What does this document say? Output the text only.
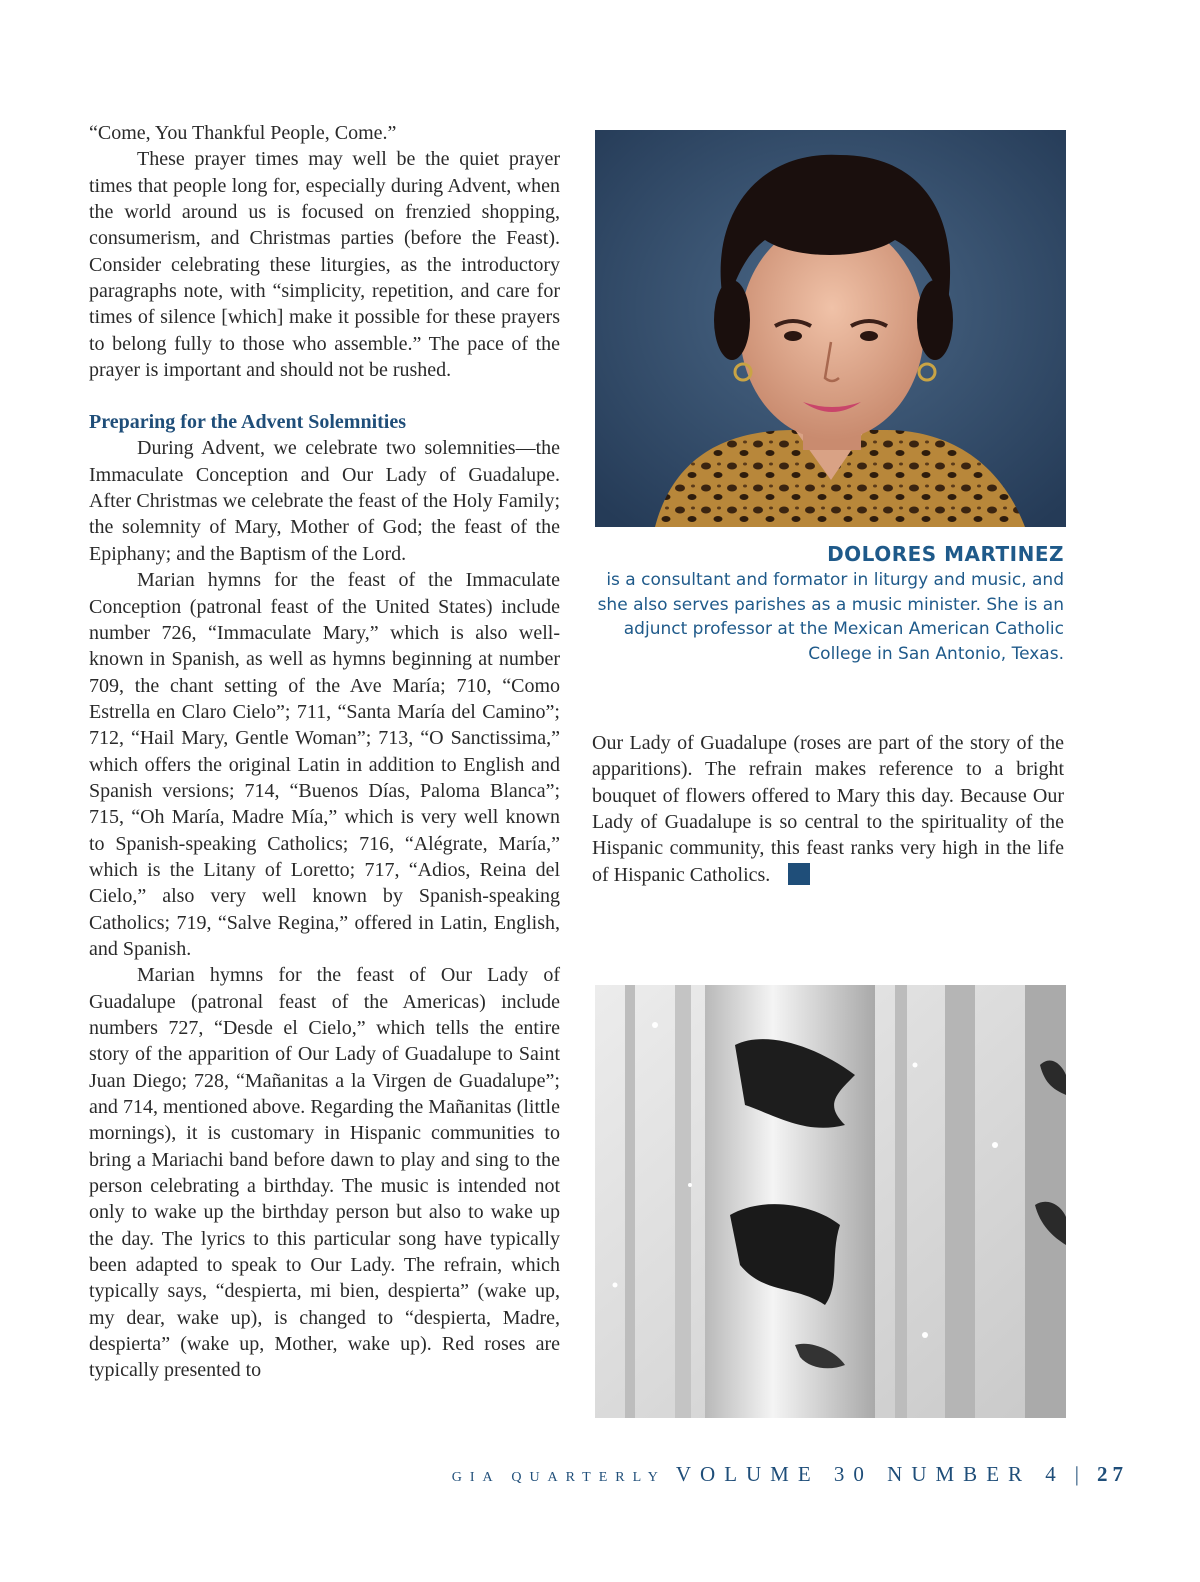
“Come, You Thankful People, Come.”

These prayer times may well be the quiet prayer times that people long for, especially during Advent, when the world around us is focused on frenzied shopping, consumerism, and Christmas parties (before the Feast). Consider celebrating these liturgies, as the introductory paragraphs note, with “simplicity, repetition, and care for times of silence [which] make it possible for these prayers to belong fully to those who assemble.” The pace of the prayer is important and should not be rushed.

Preparing for the Advent Solemnities

During Advent, we celebrate two solemnities—the Immaculate Conception and Our Lady of Guadalupe. After Christmas we celebrate the feast of the Holy Family; the solemnity of Mary, Mother of God; the feast of the Epiphany; and the Baptism of the Lord.

Marian hymns for the feast of the Immaculate Conception (patronal feast of the United States) include number 726, “Immaculate Mary,” which is also well-known in Spanish, as well as hymns beginning at number 709, the chant setting of the Ave María; 710, “Como Estrella en Claro Cielo”; 711, “Santa María del Camino”; 712, “Hail Mary, Gentle Woman”; 713, “O Sanctissima,” which offers the original Latin in addition to English and Spanish versions; 714, “Buenos Días, Paloma Blanca”; 715, “Oh María, Madre Mía,” which is very well known to Spanish-speaking Catholics; 716, “Alégrate, María,” which is the Litany of Loretto; 717, “Adios, Reina del Cielo,” also very well known by Spanish-speaking Catholics; 719, “Salve Regina,” offered in Latin, English, and Spanish.

Marian hymns for the feast of Our Lady of Guadalupe (patronal feast of the Americas) include numbers 727, “Desde el Cielo,” which tells the entire story of the apparition of Our Lady of Guadalupe to Saint Juan Diego; 728, “Mañanitas a la Virgen de Guadalupe”; and 714, mentioned above. Regarding the Mañanitas (little mornings), it is customary in Hispanic communities to bring a Mariachi band before dawn to play and sing to the person celebrating a birthday. The music is intended not only to wake up the birthday person but also to wake up the day. The lyrics to this particular song have typically been adapted to speak to Our Lady. The refrain, which typically says, “despierta, mi bien, despierta” (wake up, my dear, wake up), is changed to “despierta, Madre, despierta” (wake up, Mother, wake up). Red roses are typically presented to

DOLORES MARTINEZ
is a consultant and formator in liturgy and music, and she also serves parishes as a music minister. She is an adjunct professor at the Mexican American Catholic College in San Antonio, Texas.

Our Lady of Guadalupe (roses are part of the story of the apparitions). The refrain makes reference to a bright bouquet of flowers offered to Mary this day. Because Our Lady of Guadalupe is so central to the spirituality of the Hispanic community, this feast ranks very high in the life of Hispanic Catholics.

GIA QUARTERLY VOLUME 30 NUMBER 4 | 27
